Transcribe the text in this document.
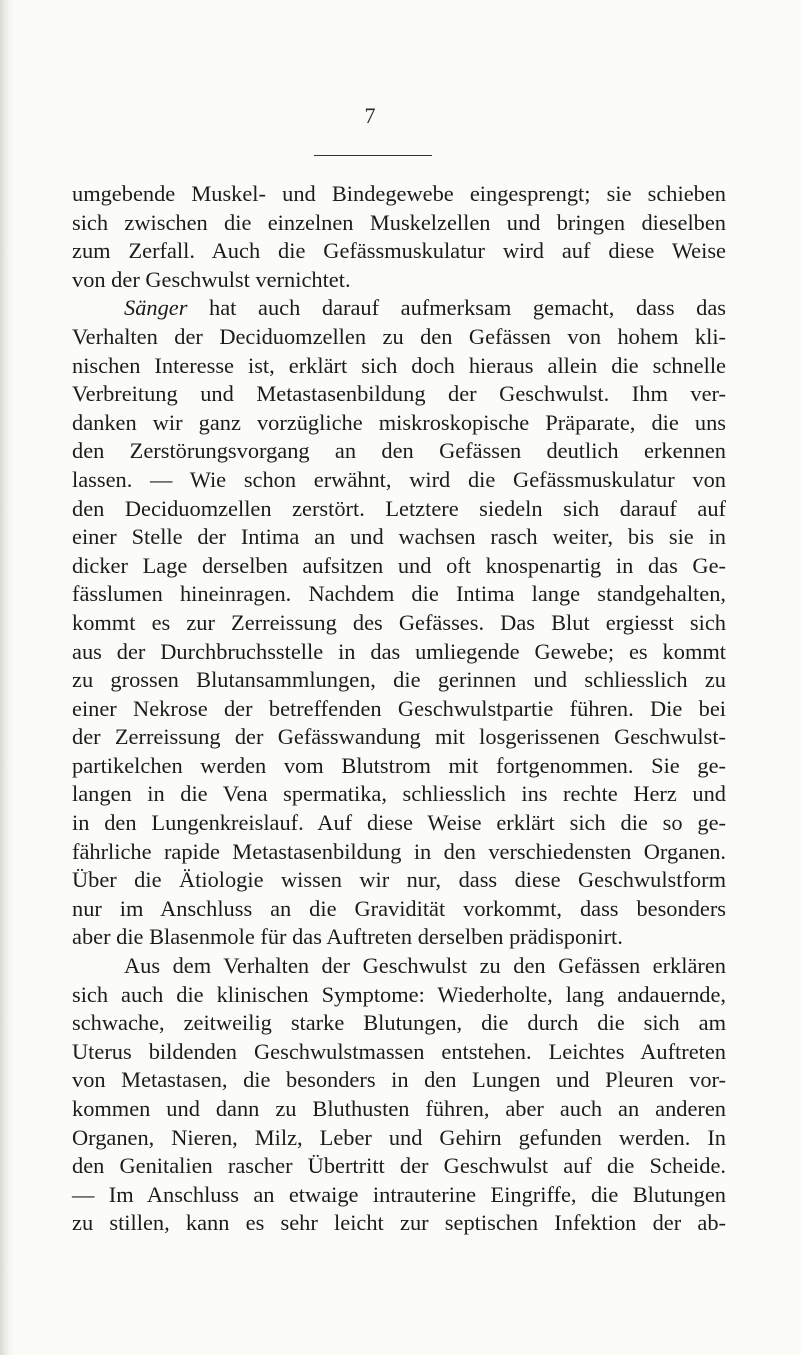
7
umgebende Muskel- und Bindegewebe eingesprengt; sie schieben
sich zwischen die einzelnen Muskelzellen und bringen dieselben
zum Zerfall. Auch die Gefässmuskulatur wird auf diese Weise
von der Geschwulst vernichtet.
Sänger hat auch darauf aufmerksam gemacht, dass das
Verhalten der Deciduomzellen zu den Gefässen von hohem kli-
nischen Interesse ist, erklärt sich doch hieraus allein die schnelle
Verbreitung und Metastasenbildung der Geschwulst. Ihm ver-
danken wir ganz vorzügliche miskroskopische Präparate, die uns
den Zerstörungsvorgang an den Gefässen deutlich erkennen
lassen. — Wie schon erwähnt, wird die Gefässmuskulatur von
den Deciduomzellen zerstört. Letztere siedeln sich darauf auf
einer Stelle der Intima an und wachsen rasch weiter, bis sie in
dicker Lage derselben aufsitzen und oft knospenartig in das Ge-
fässlumen hineinragen. Nachdem die Intima lange standgehalten,
kommt es zur Zerreissung des Gefässes. Das Blut ergiesst sich
aus der Durchbruchsstelle in das umliegende Gewebe; es kommt
zu grossen Blutansammlungen, die gerinnen und schliesslich zu
einer Nekrose der betreffenden Geschwulstpartie führen. Die bei
der Zerreissung der Gefässwandung mit losgerissenen Geschwulst-
partikelchen werden vom Blutstrom mit fortgenommen. Sie ge-
langen in die Vena spermatika, schliesslich ins rechte Herz und
in den Lungenkreislauf. Auf diese Weise erklärt sich die so ge-
fährliche rapide Metastasenbildung in den verschiedensten Organen.
Über die Ätiologie wissen wir nur, dass diese Geschwulstform
nur im Anschluss an die Gravidität vorkommt, dass besonders
aber die Blasenmole für das Auftreten derselben prädisponirt.
Aus dem Verhalten der Geschwulst zu den Gefässen erklären
sich auch die klinischen Symptome: Wiederholte, lang andauernde,
schwache, zeitweilig starke Blutungen, die durch die sich am
Uterus bildenden Geschwulstmassen entstehen. Leichtes Auftreten
von Metastasen, die besonders in den Lungen und Pleuren vor-
kommen und dann zu Bluthusten führen, aber auch an anderen
Organen, Nieren, Milz, Leber und Gehirn gefunden werden. In
den Genitalien rascher Übertritt der Geschwulst auf die Scheide.
— Im Anschluss an etwaige intrauterine Eingriffe, die Blutungen
zu stillen, kann es sehr leicht zur septischen Infektion der ab-
